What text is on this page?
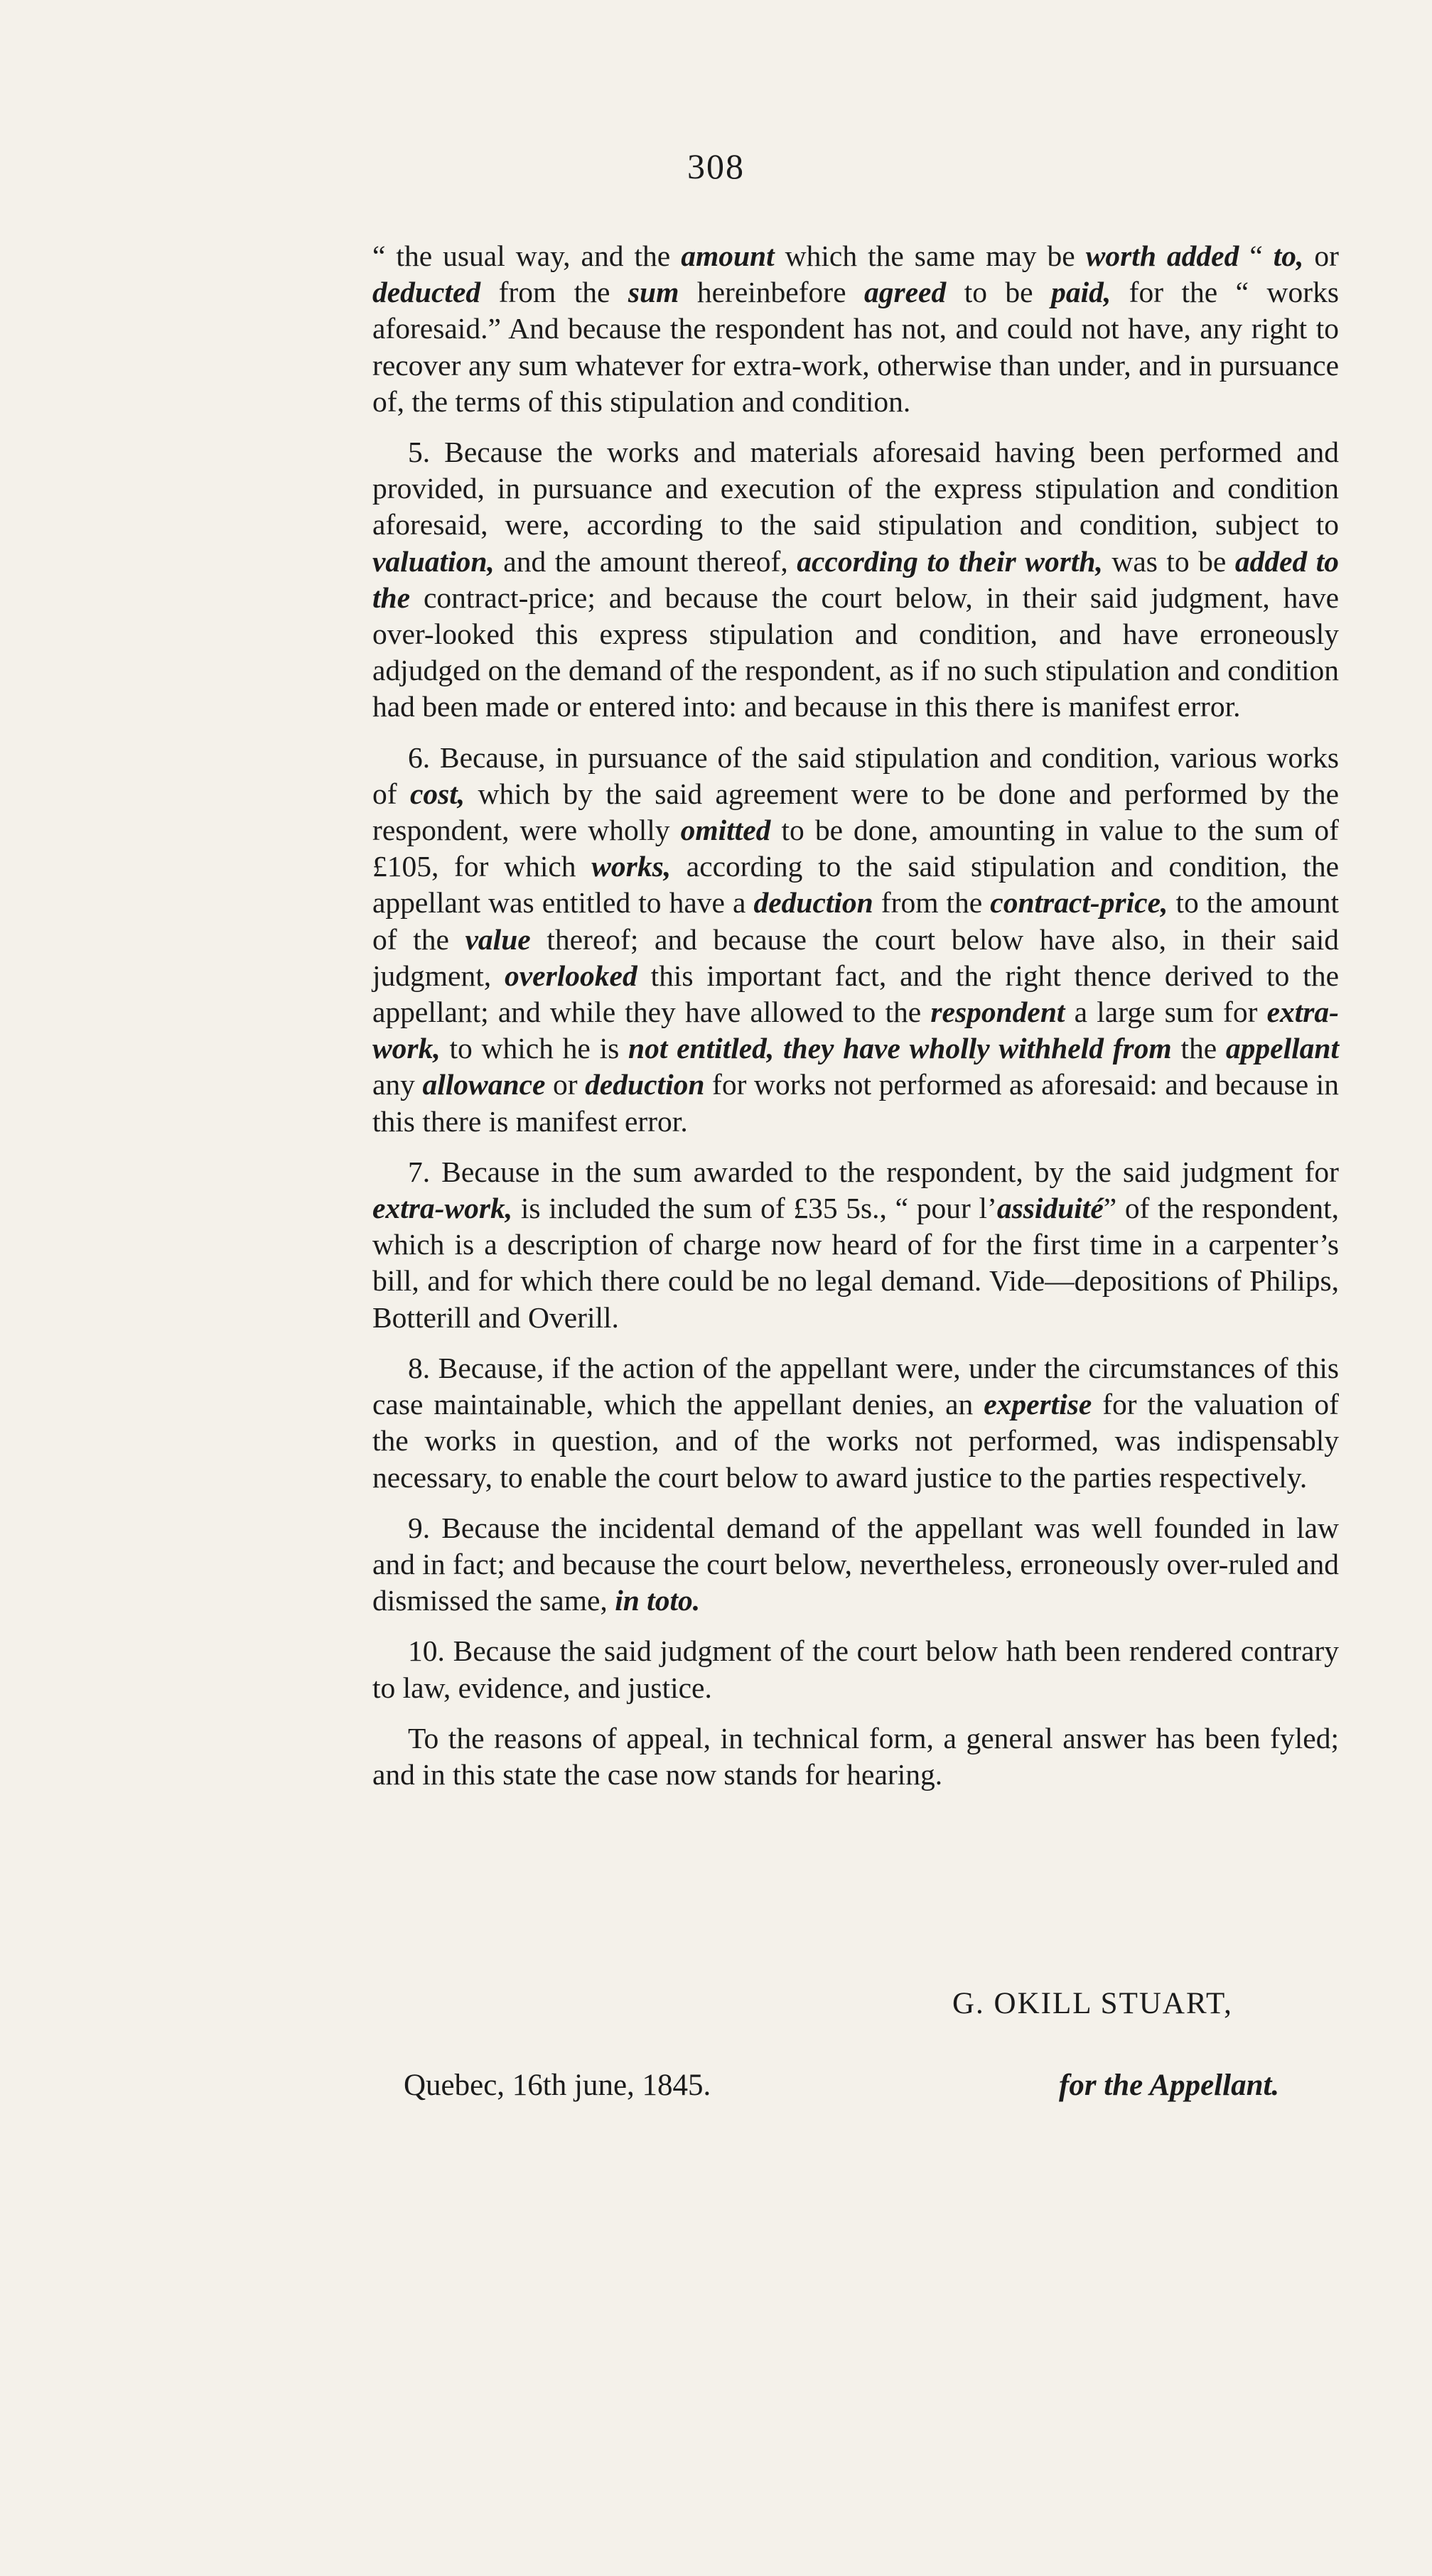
308

“ the usual way, and the amount which the same may be worth added “ to, or deducted from the sum hereinbefore agreed to be paid, for the “ works aforesaid.” And because the respondent has not, and could not have, any right to recover any sum whatever for extra-work, otherwise than under, and in pursuance of, the terms of this stipulation and condition.

5. Because the works and materials aforesaid having been performed and provided, in pursuance and execution of the express stipulation and condition aforesaid, were, according to the said stipulation and condition, subject to valuation, and the amount thereof, according to their worth, was to be added to the contract-price; and because the court below, in their said judgment, have over-looked this express stipulation and condition, and have erroneously adjudged on the demand of the respondent, as if no such stipulation and condition had been made or entered into: and because in this there is manifest error.

6. Because, in pursuance of the said stipulation and condition, various works of cost, which by the said agreement were to be done and performed by the respondent, were wholly omitted to be done, amounting in value to the sum of £105, for which works, according to the said stipulation and condition, the appellant was entitled to have a deduction from the contract-price, to the amount of the value thereof; and because the court below have also, in their said judgment, overlooked this important fact, and the right thence derived to the appellant; and while they have allowed to the respondent a large sum for extra-work, to which he is not entitled, they have wholly withheld from the appellant any allowance or deduction for works not performed as aforesaid: and because in this there is manifest error.

7. Because in the sum awarded to the respondent, by the said judgment for extra-work, is included the sum of £35 5s., “ pour l’assiduité” of the respondent, which is a description of charge now heard of for the first time in a carpenter’s bill, and for which there could be no legal demand. Vide—depositions of Philips, Botterill and Overill.

8. Because, if the action of the appellant were, under the circumstances of this case maintainable, which the appellant denies, an expertise for the valuation of the works in question, and of the works not performed, was indispensably necessary, to enable the court below to award justice to the parties respectively.

9. Because the incidental demand of the appellant was well founded in law and in fact; and because the court below, nevertheless, erroneously over-ruled and dismissed the same, in toto.

10. Because the said judgment of the court below hath been rendered contrary to law, evidence, and justice.

To the reasons of appeal, in technical form, a general answer has been fyled; and in this state the case now stands for hearing.

G. OKILL STUART,
Quebec, 16th june, 1845.	for the Appellant.
